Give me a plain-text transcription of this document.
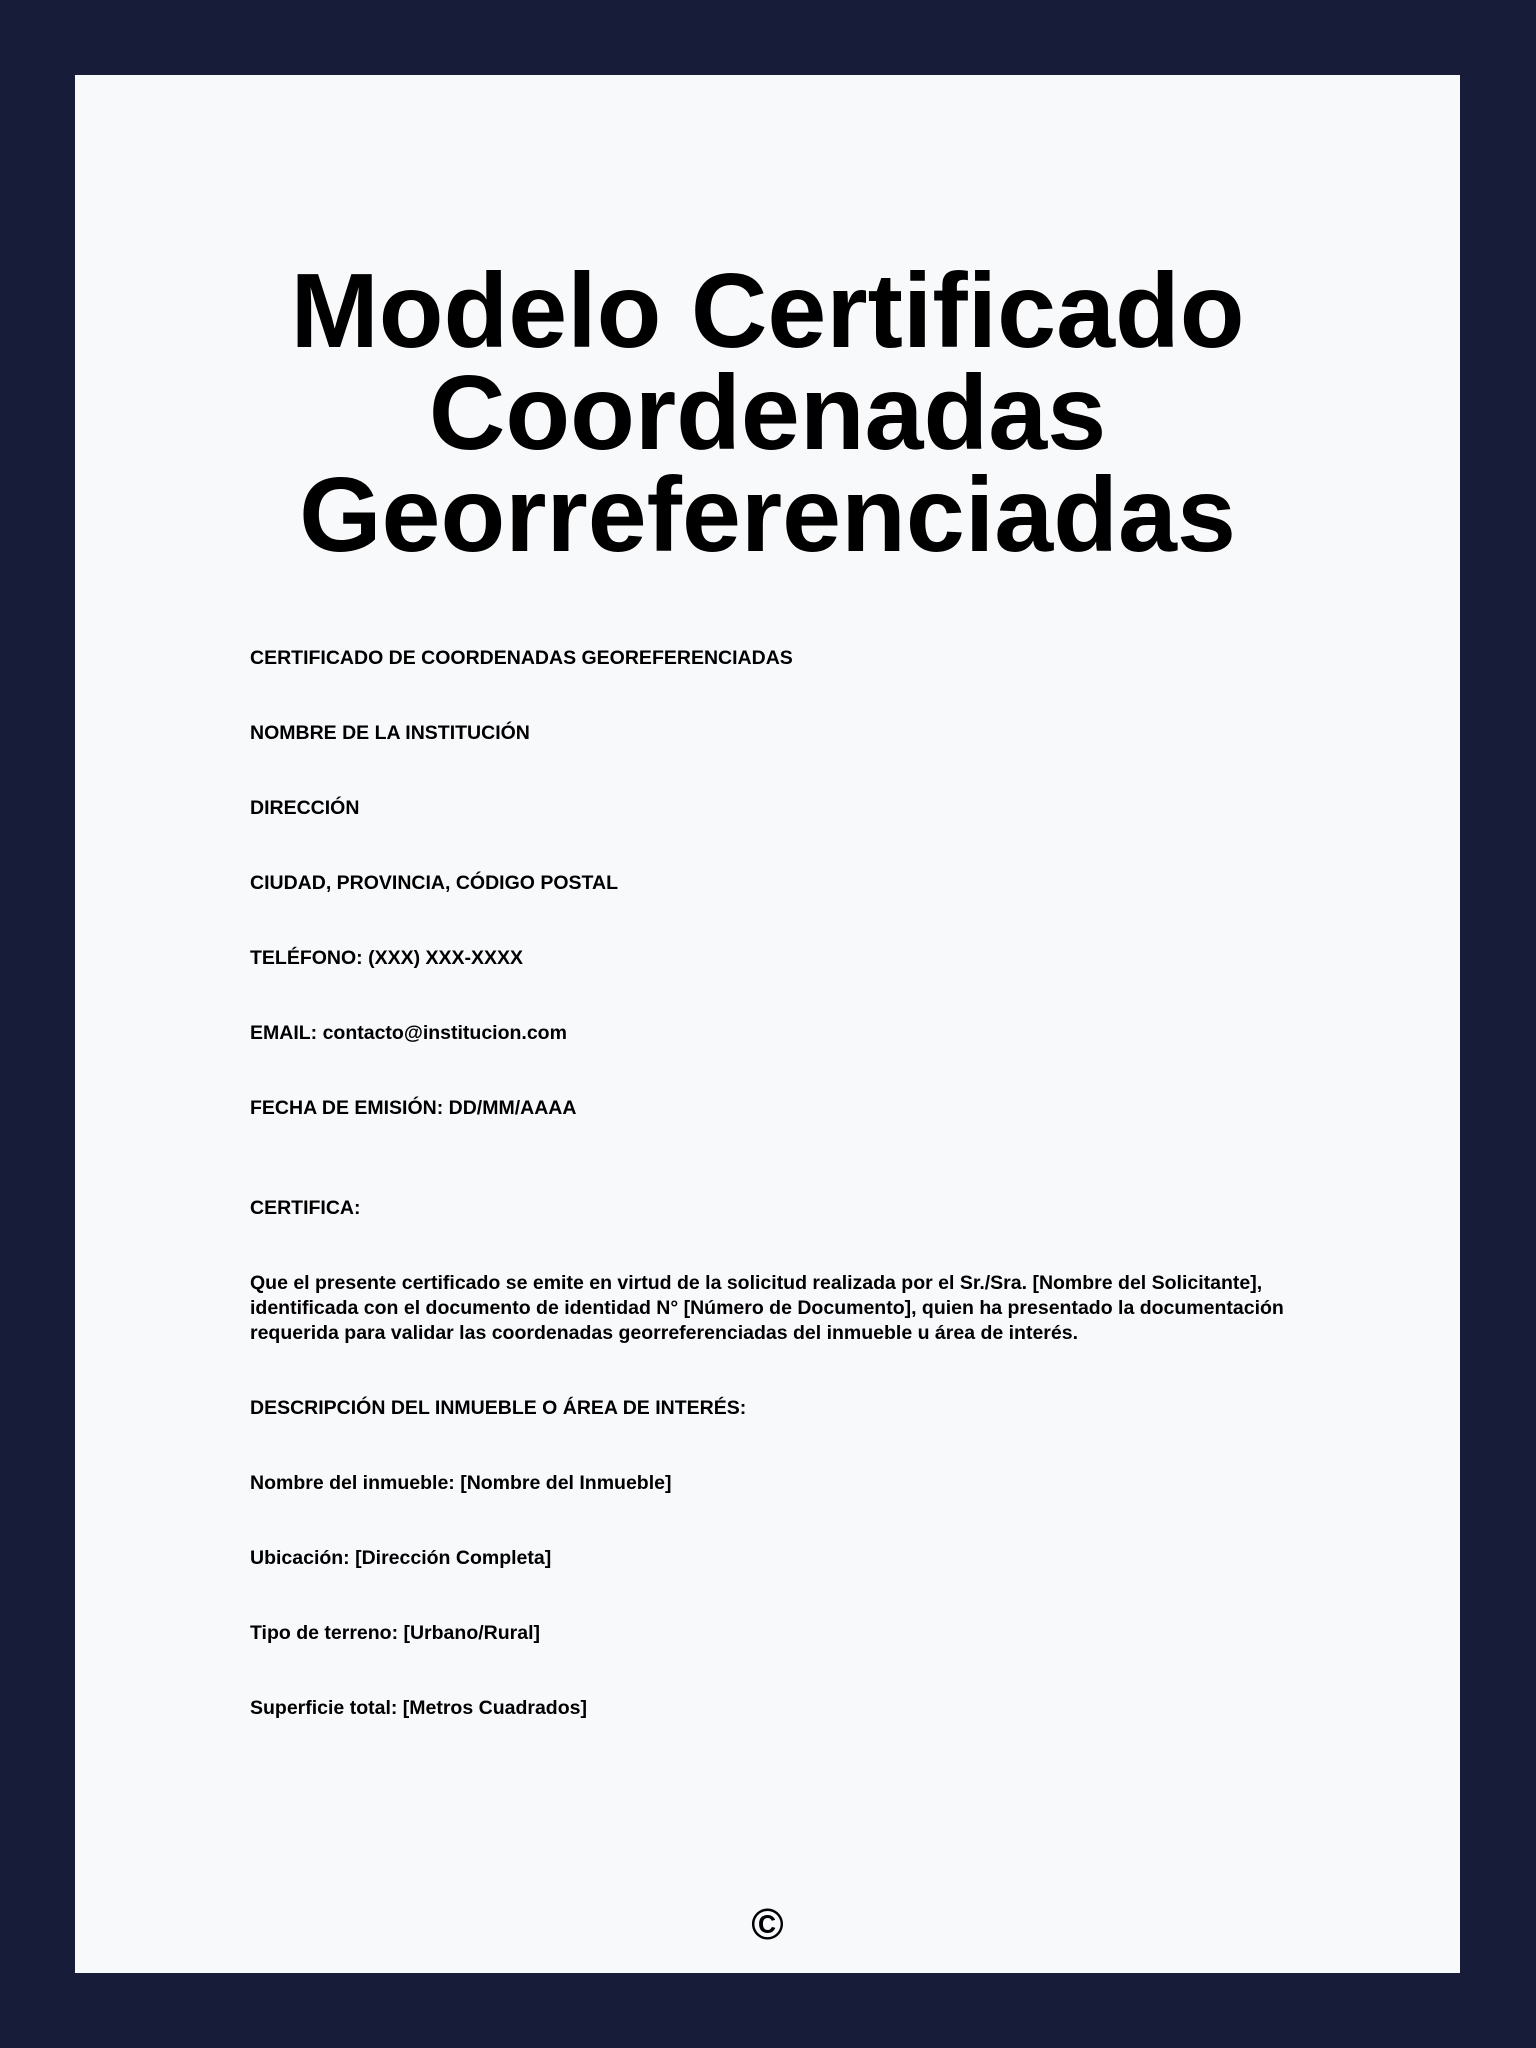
Modelo Certificado
Coordenadas
Georreferenciadas

CERTIFICADO DE COORDENADAS GEOREFERENCIADAS

NOMBRE DE LA INSTITUCIÓN

DIRECCIÓN

CIUDAD, PROVINCIA, CÓDIGO POSTAL

TELÉFONO: (XXX) XXX-XXXX

EMAIL: contacto@institucion.com

FECHA DE EMISIÓN: DD/MM/AAAA

CERTIFICA:

Que el presente certificado se emite en virtud de la solicitud realizada por el Sr./Sra. [Nombre del Solicitante], identificada con el documento de identidad N° [Número de Documento], quien ha presentado la documentación requerida para validar las coordenadas georreferenciadas del inmueble u área de interés.

DESCRIPCIÓN DEL INMUEBLE O ÁREA DE INTERÉS:

Nombre del inmueble: [Nombre del Inmueble]

Ubicación: [Dirección Completa]

Tipo de terreno: [Urbano/Rural]

Superficie total: [Metros Cuadrados]

©
